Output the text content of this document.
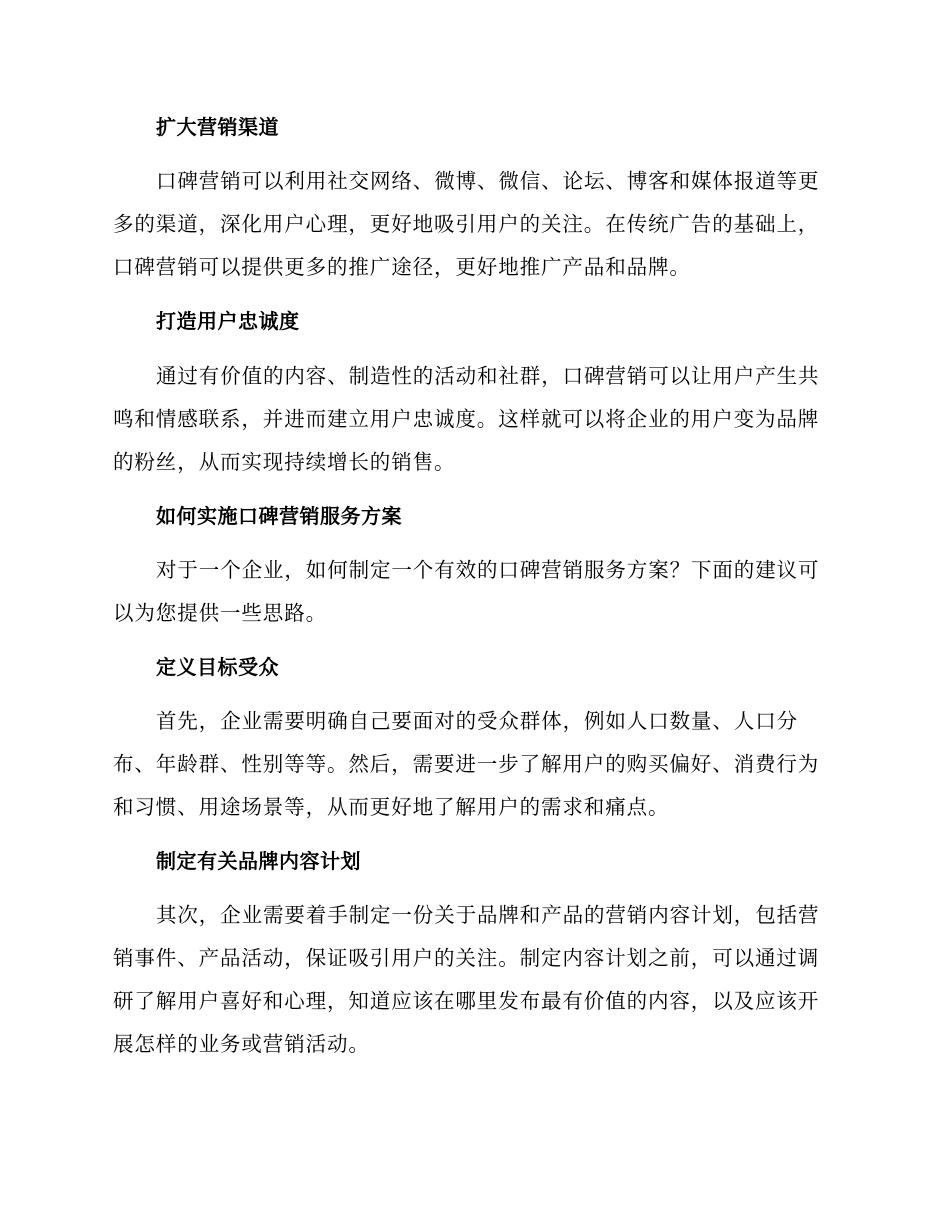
扩大营销渠道
口碑营销可以利用社交网络、微博、微信、论坛、博客和媒体报道等更
多的渠道，深化用户心理，更好地吸引用户的关注。在传统广告的基础上，
口碑营销可以提供更多的推广途径，更好地推广产品和品牌。
打造用户忠诚度
通过有价值的内容、制造性的活动和社群，口碑营销可以让用户产生共
鸣和情感联系，并进而建立用户忠诚度。这样就可以将企业的用户变为品牌
的粉丝，从而实现持续增长的销售。
如何实施口碑营销服务方案
对于一个企业，如何制定一个有效的口碑营销服务方案？下面的建议可
以为您提供一些思路。
定义目标受众
首先，企业需要明确自己要面对的受众群体，例如人口数量、人口分
布、年龄群、性别等等。然后，需要进一步了解用户的购买偏好、消费行为
和习惯、用途场景等，从而更好地了解用户的需求和痛点。
制定有关品牌内容计划
其次，企业需要着手制定一份关于品牌和产品的营销内容计划，包括营
销事件、产品活动，保证吸引用户的关注。制定内容计划之前，可以通过调
研了解用户喜好和心理，知道应该在哪里发布最有价值的内容，以及应该开
展怎样的业务或营销活动。
